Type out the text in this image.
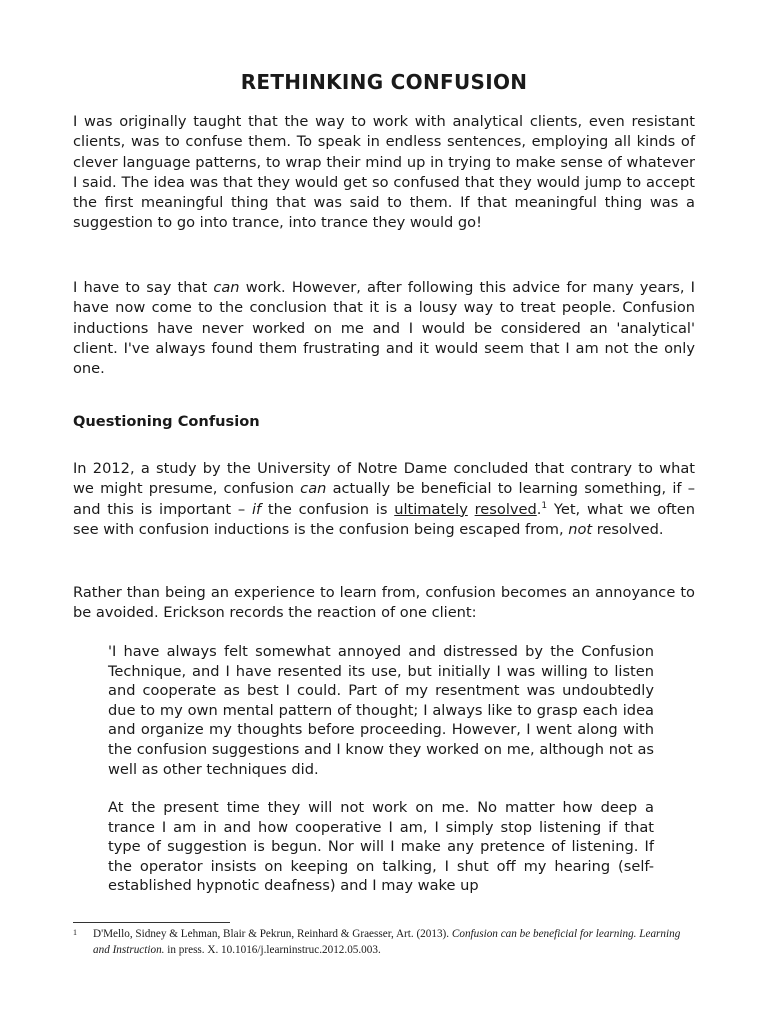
RETHINKING CONFUSION

I was originally taught that the way to work with analytical clients, even resistant clients, was to confuse them. To speak in endless sentences, employing all kinds of clever language patterns, to wrap their mind up in trying to make sense of whatever I said. The idea was that they would get so confused that they would jump to accept the first meaningful thing that was said to them. If that meaningful thing was a suggestion to go into trance, into trance they would go!

I have to say that can work. However, after following this advice for many years, I have now come to the conclusion that it is a lousy way to treat people. Confusion inductions have never worked on me and I would be considered an 'analytical' client. I've always found them frustrating and it would seem that I am not the only one.

Questioning Confusion

In 2012, a study by the University of Notre Dame concluded that contrary to what we might presume, confusion can actually be beneficial to learning something, if – and this is important – if the confusion is ultimately resolved.$^1$ Yet, what we often see with confusion inductions is the confusion being escaped from, not resolved.

Rather than being an experience to learn from, confusion becomes an annoyance to be avoided. Erickson records the reaction of one client:

'I have always felt somewhat annoyed and distressed by the Confusion Technique, and I have resented its use, but initially I was willing to listen and cooperate as best I could. Part of my resentment was undoubtedly due to my own mental pattern of thought; I always like to grasp each idea and organize my thoughts before proceeding. However, I went along with the confusion suggestions and I know they worked on me, although not as well as other techniques did.

At the present time they will not work on me. No matter how deep a trance I am in and how cooperative I am, I simply stop listening if that type of suggestion is begun. Nor will I make any pretence of listening. If the operator insists on keeping on talking, I shut off my hearing (self-established hypnotic deafness) and I may wake up

1	D'Mello, Sidney & Lehman, Blair & Pekrun, Reinhard & Graesser, Art. (2013). Confusion can be beneficial for learning. Learning and Instruction. in press. X. 10.1016/j.learninstruc.2012.05.003.
